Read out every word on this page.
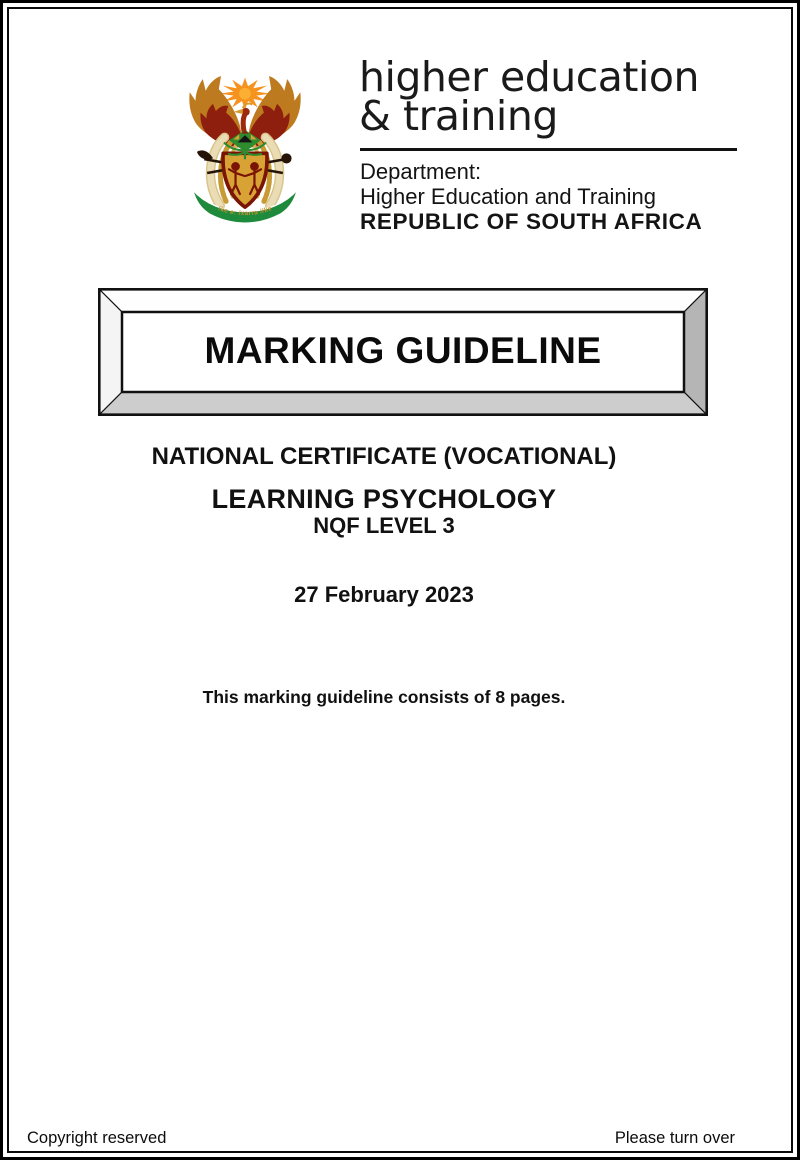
!ke e: /xarra //ke
higher education
& training
Department:
Higher Education and Training
REPUBLIC OF SOUTH AFRICA
MARKING GUIDELINE
NATIONAL CERTIFICATE (VOCATIONAL)
LEARNING PSYCHOLOGY
NQF LEVEL 3
27 February 2023
This marking guideline consists of 8 pages.
Copyright reserved	Please turn over
